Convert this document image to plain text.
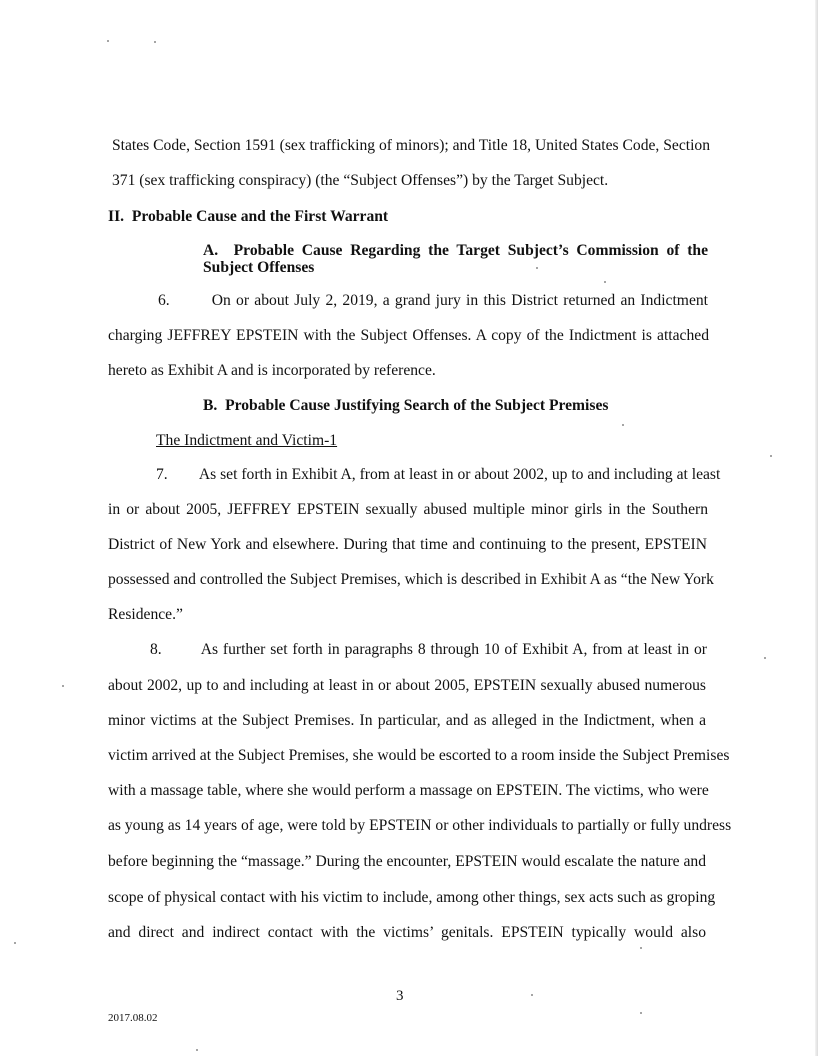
States Code, Section 1591 (sex trafficking of minors); and Title 18, United States Code, Section
371 (sex trafficking conspiracy) (the “Subject Offenses”) by the Target Subject.
II.  Probable Cause and the First Warrant
A.  Probable Cause Regarding the Target Subject’s Commission of the
Subject Offenses
6.        On or about July 2, 2019, a grand jury in this District returned an Indictment
charging JEFFREY EPSTEIN with the Subject Offenses. A copy of the Indictment is attached
hereto as Exhibit A and is incorporated by reference.
B.  Probable Cause Justifying Search of the Subject Premises
The Indictment and Victim-1
7.        As set forth in Exhibit A, from at least in or about 2002, up to and including at least
in or about 2005, JEFFREY EPSTEIN sexually abused multiple minor girls in the Southern
District of New York and elsewhere. During that time and continuing to the present, EPSTEIN
possessed and controlled the Subject Premises, which is described in Exhibit A as “the New York
Residence.”
8.        As further set forth in paragraphs 8 through 10 of Exhibit A, from at least in or
about 2002, up to and including at least in or about 2005, EPSTEIN sexually abused numerous
minor victims at the Subject Premises. In particular, and as alleged in the Indictment, when a
victim arrived at the Subject Premises, she would be escorted to a room inside the Subject Premises
with a massage table, where she would perform a massage on EPSTEIN. The victims, who were
as young as 14 years of age, were told by EPSTEIN or other individuals to partially or fully undress
before beginning the “massage.” During the encounter, EPSTEIN would escalate the nature and
scope of physical contact with his victim to include, among other things, sex acts such as groping
and direct and indirect contact with the victims’ genitals. EPSTEIN typically would also
3
2017.08.02
